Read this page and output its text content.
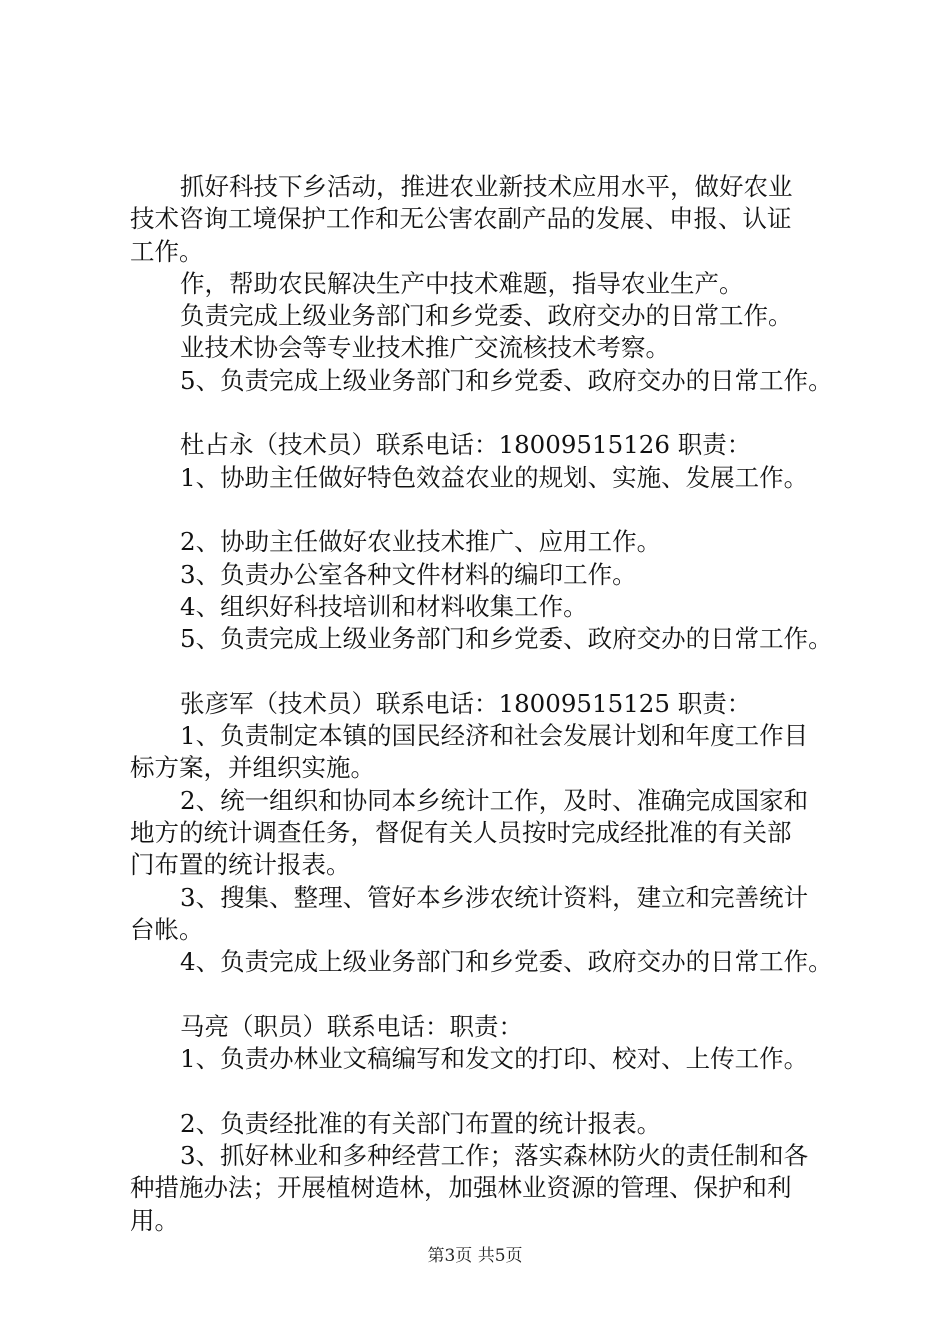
抓好科技下乡活动，推进农业新技术应用水平，做好农业
技术咨询工境保护工作和无公害农副产品的发展、申报、认证
工作。
作，帮助农民解决生产中技术难题，指导农业生产。
负责完成上级业务部门和乡党委、政府交办的日常工作。
业技术协会等专业技术推广交流核技术考察。
5、负责完成上级业务部门和乡党委、政府交办的日常工作。
杜占永（技术员）联系电话：18009515126 职责：
1、协助主任做好特色效益农业的规划、实施、发展工作。
2、协助主任做好农业技术推广、应用工作。
3、负责办公室各种文件材料的编印工作。
4、组织好科技培训和材料收集工作。
5、负责完成上级业务部门和乡党委、政府交办的日常工作。
张彦军（技术员）联系电话：18009515125 职责：
1、负责制定本镇的国民经济和社会发展计划和年度工作目
标方案，并组织实施。
2、统一组织和协同本乡统计工作，及时、准确完成国家和
地方的统计调查任务，督促有关人员按时完成经批准的有关部
门布置的统计报表。
3、搜集、整理、管好本乡涉农统计资料，建立和完善统计
台帐。
4、负责完成上级业务部门和乡党委、政府交办的日常工作。
马亮（职员）联系电话：职责：
1、负责办林业文稿编写和发文的打印、校对、上传工作。
2、负责经批准的有关部门布置的统计报表。
3、抓好林业和多种经营工作；落实森林防火的责任制和各
种措施办法；开展植树造林，加强林业资源的管理、保护和利
用。
第3页 共5页
